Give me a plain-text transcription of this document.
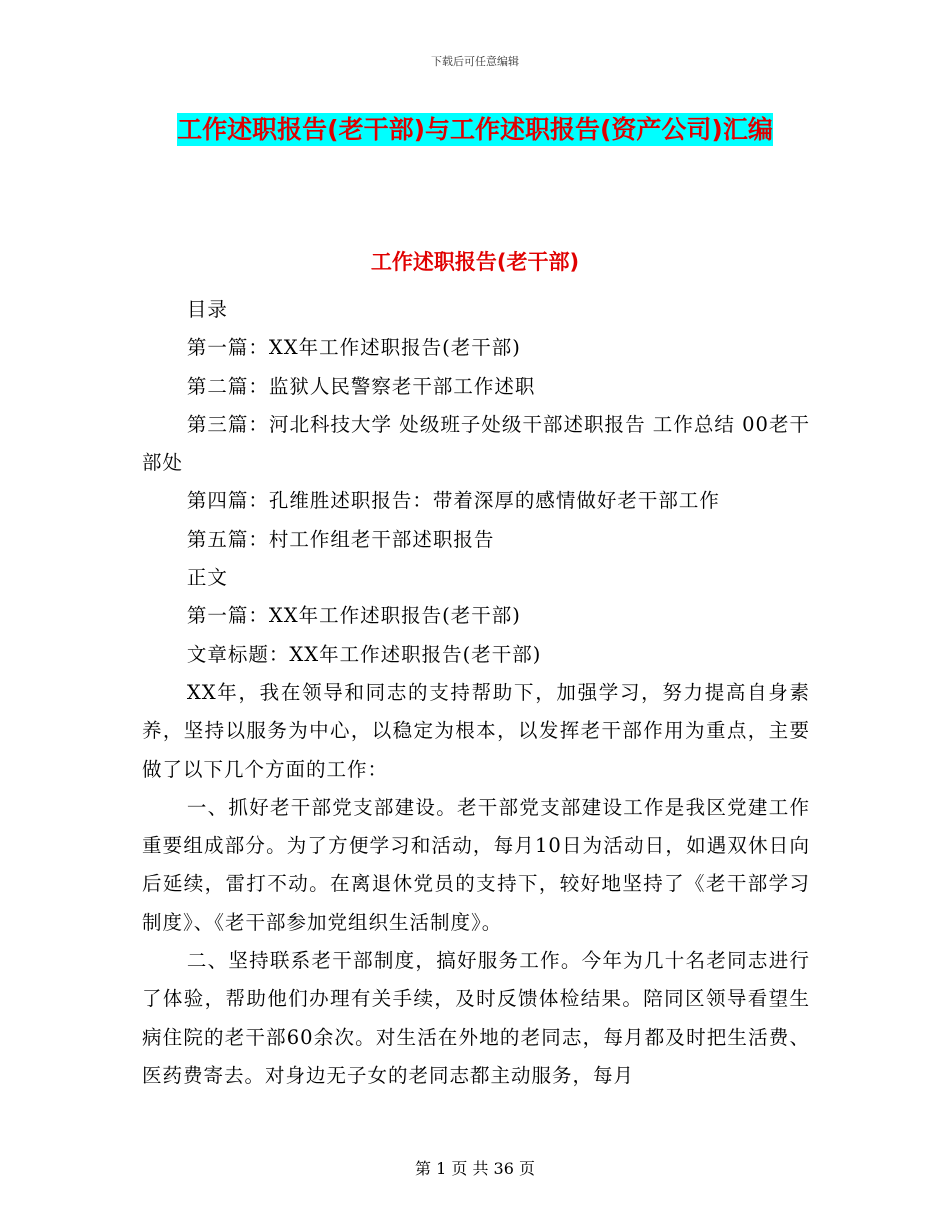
下载后可任意编辑
工作述职报告(老干部)与工作述职报告(资产公司)汇编
工作述职报告(老干部)

目录

第一篇：XX年工作述职报告(老干部)

第二篇：监狱人民警察老干部工作述职

第三篇：河北科技大学 处级班子处级干部述职报告 工作总结 00老干部处

第四篇：孔维胜述职报告：带着深厚的感情做好老干部工作

第五篇：村工作组老干部述职报告

正文

第一篇：XX年工作述职报告(老干部)

文章标题：XX年工作述职报告(老干部)

XX年，我在领导和同志的支持帮助下，加强学习，努力提高自身素养，坚持以服务为中心，以稳定为根本，以发挥老干部作用为重点，主要做了以下几个方面的工作：

一、抓好老干部党支部建设。老干部党支部建设工作是我区党建工作重要组成部分。为了方便学习和活动，每月10日为活动日，如遇双休日向后延续，雷打不动。在离退休党员的支持下，较好地坚持了《老干部学习制度》、《老干部参加党组织生活制度》。

二、坚持联系老干部制度，搞好服务工作。今年为几十名老同志进行了体验，帮助他们办理有关手续，及时反馈体检结果。陪同区领导看望生病住院的老干部60余次。对生活在外地的老同志，每月都及时把生活费、医药费寄去。对身边无子女的老同志都主动服务，每月

第 1 页 共 36 页
